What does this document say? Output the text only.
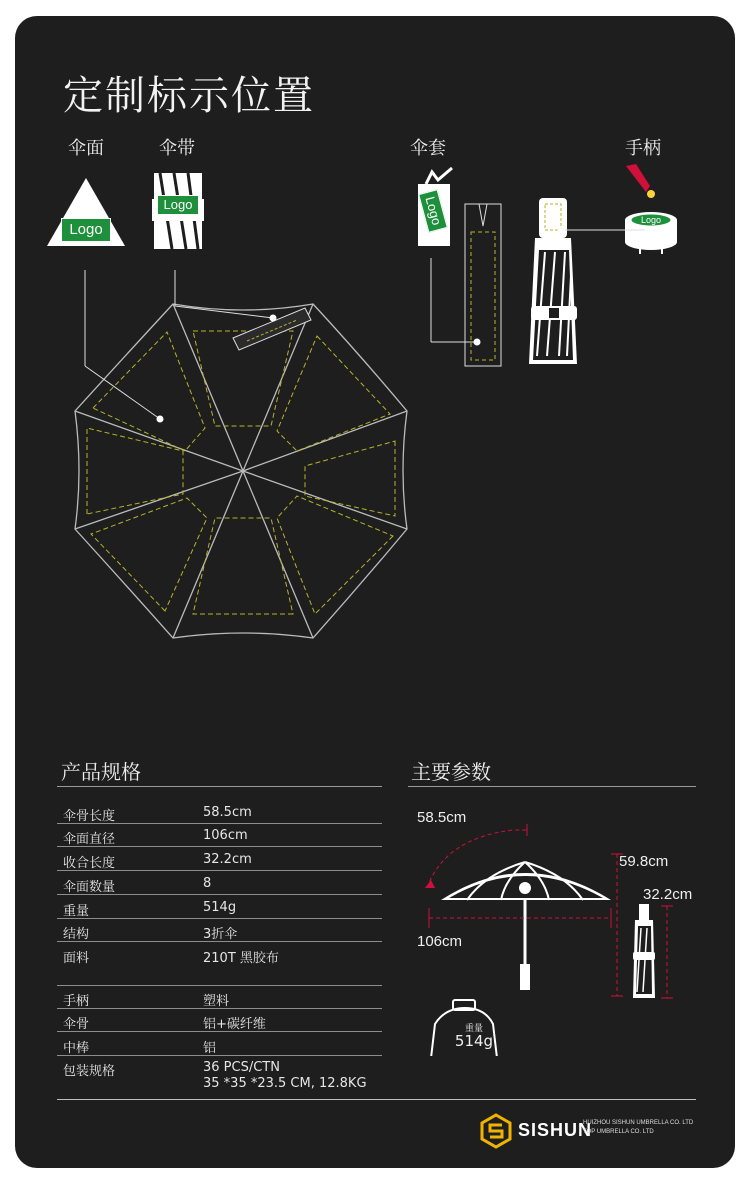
定制标示位置
伞面	伞带	伞套	手柄
Logo
Logo	Logo	Logo
产品规格	主要参数
伞骨长度	58.5cm
伞面直径	106cm
收合长度	32.2cm
伞面数量	8
重量	514g
结构	3折伞
面料	210T 黑胶布
手柄	塑料
伞骨	铝+碳纤维
中棒	铝
包装规格	36 PCS/CTN
35 *35 *23.5 CM, 12.8KG
58.5cm
106cm
59.8cm
32.2cm
重量
514g
SISHUN
HUIZHOU SISHUN UMBRELLA CO. LTD
TOP UMBRELLA CO. LTD
